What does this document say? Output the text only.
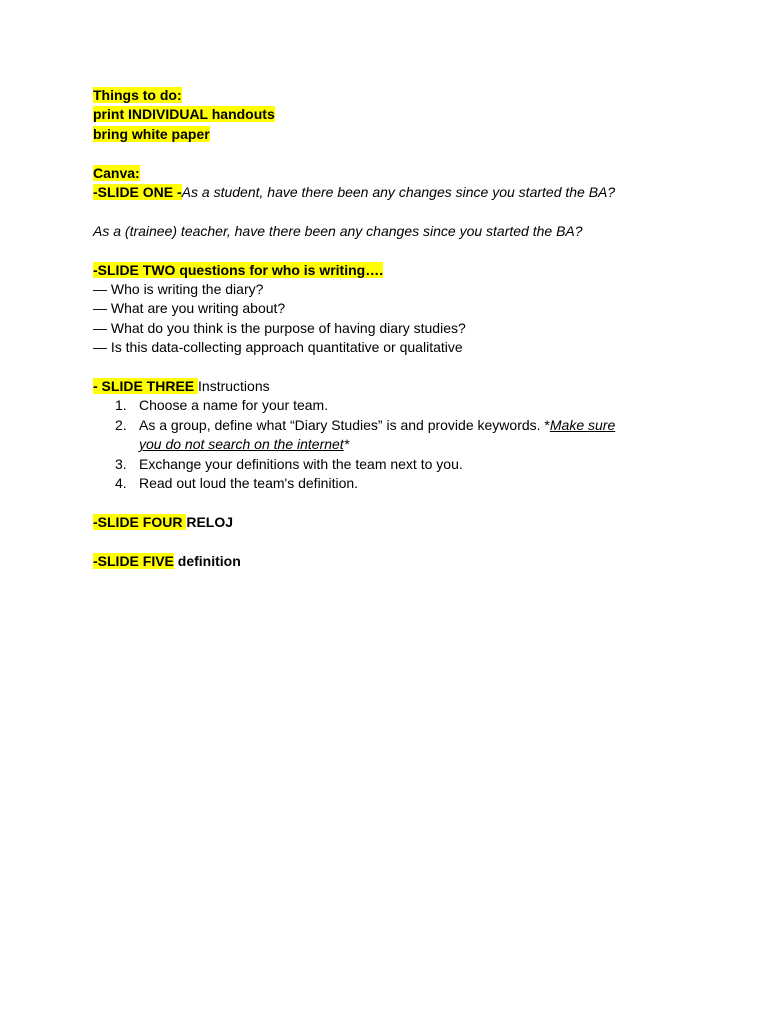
Things to do:
print INDIVIDUAL handouts
bring white paper
Canva:
-SLIDE ONE -As a student, have there been any changes since you started the BA?
As a (trainee) teacher, have there been any changes since you started the BA?
-SLIDE TWO questions for who is writing….
— Who is writing the diary?
— What are you writing about?
— What do you think is the purpose of having diary studies?
— Is this data-collecting approach quantitative or qualitative
- SLIDE THREE Instructions
1. Choose a name for your team.
2. As a group, define what “Diary Studies” is and provide keywords. *Make sure
you do not search on the internet*
3. Exchange your definitions with the team next to you.
4. Read out loud the team's definition.
-SLIDE FOUR RELOJ
-SLIDE FIVE definition
